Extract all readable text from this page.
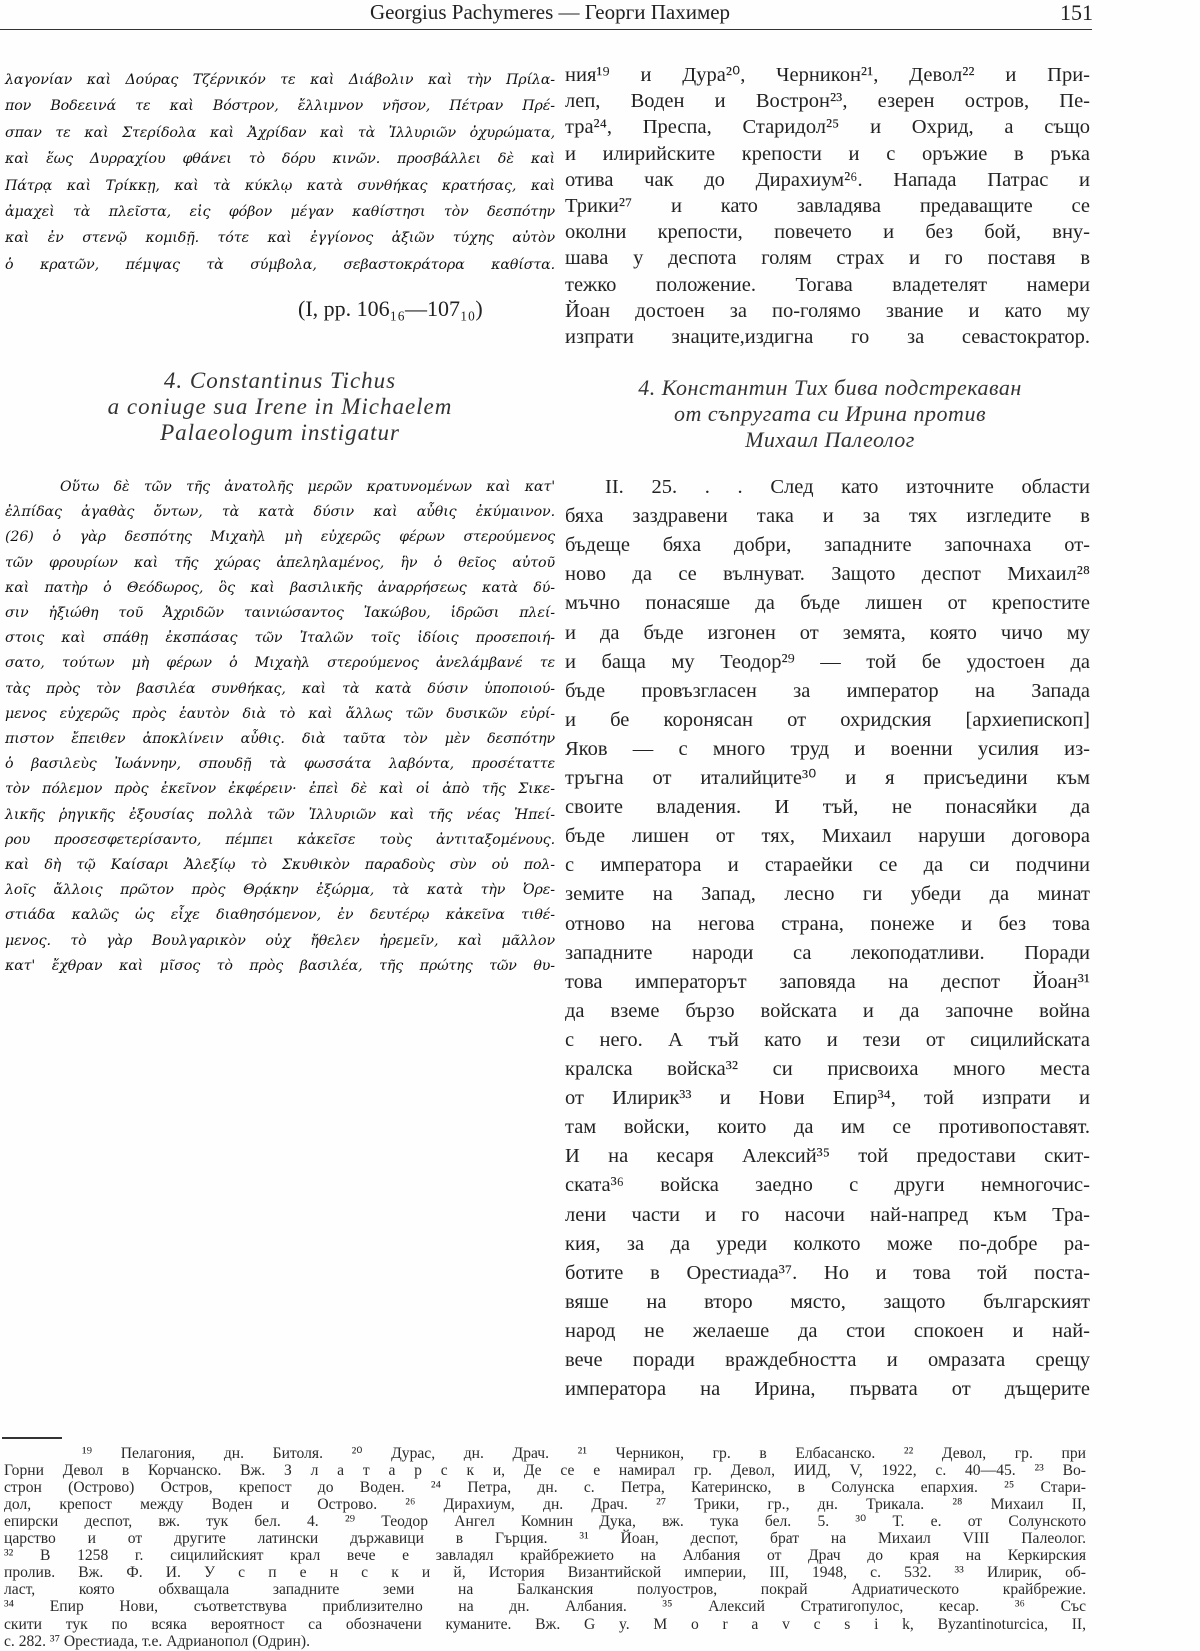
Georgius Pachymeres — Георги Пахимер	151
(I, pp. 106₁₆—107₁₀)
4. Constantinus Tichus
a coniuge sua Irene in Michaelem
Palaeologum instigatur
4. Константин Тих бива подстрекаван
от съпругата си Ирина против
Михаил Палеолог
λαγονίαν καὶ Δούρας Τζέρνικόν τε καὶ Διάβολιν καὶ τὴν Πρίλα-
πον Βοδεεινά τε καὶ Βόστρον, ἔλλιμνον νῆσον, Πέτραν Πρέ-
σπαν τε καὶ Στερίδολα καὶ Ἀχρίδαν καὶ τὰ Ἰλλυριῶν ὀχυρώματα,
καὶ ἕως Δυρραχίου φθάνει τὸ δόρυ κινῶν. προσβάλλει δὲ καὶ
Πάτρᾳ καὶ Τρίκκῃ, καὶ τὰ κύκλῳ κατὰ συνθήκας κρατήσας, καὶ
ἀμαχεὶ τὰ πλεῖστα, εἰς φόβον μέγαν καθίστησι τὸν δεσπότην
καὶ ἐν στενῷ κομιδῇ. τότε καὶ ἐγγίονος ἀξιῶν τύχης αὐτὸν
ὁ κρατῶν, πέμψας τὰ σύμβολα, σεβαστοκράτορα καθίστα.
Οὕτω δὲ τῶν τῆς ἀνατολῆς μερῶν κρατυνομένων καὶ κατ'
ἐλπίδας ἀγαθὰς ὄντων, τὰ κατὰ δύσιν καὶ αὖθις ἐκύμαινον.
(26) ὁ γὰρ δεσπότης Μιχαὴλ μὴ εὐχερῶς φέρων στερούμενος
τῶν φρουρίων καὶ τῆς χώρας ἀπεληλαμένος, ἣν ὁ θεῖος αὐτοῦ
καὶ πατὴρ ὁ Θεόδωρος, ὃς καὶ βασιλικῆς ἀναρρήσεως κατὰ δύ-
σιν ἠξιώθη τοῦ Ἀχριδῶν ταινιώσαντος Ἰακώβου, ἱδρῶσι πλεί-
στοις καὶ σπάθῃ ἐκσπάσας τῶν Ἰταλῶν τοῖς ἰδίοις προσεποιή-
σατο, τούτων μὴ φέρων ὁ Μιχαὴλ στερούμενος ἀνελάμβανέ τε
τὰς πρὸς τὸν βασιλέα συνθήκας, καὶ τὰ κατὰ δύσιν ὑποποιού-
μενος εὐχερῶς πρὸς ἑαυτὸν διὰ τὸ καὶ ἄλλως τῶν δυσικῶν εὐρί-
πιστον ἔπειθεν ἀποκλίνειν αὖθις. διὰ ταῦτα τὸν μὲν δεσπότην
ὁ βασιλεὺς Ἰωάννην, σπουδῇ τὰ φωσσάτα λαβόντα, προσέταττε
τὸν πόλεμον πρὸς ἐκεῖνον ἐκφέρειν· ἐπεὶ δὲ καὶ οἱ ἀπὸ τῆς Σικε-
λικῆς ῥηγικῆς ἐξουσίας πολλὰ τῶν Ἰλλυριῶν καὶ τῆς νέας Ἠπεί-
ρου προσεσφετερίσαντο, πέμπει κἀκεῖσε τοὺς ἀντιταξομένους.
καὶ δὴ τῷ Καίσαρι Ἀλεξίῳ τὸ Σκυθικὸν παραδοὺς σὺν οὐ πολ-
λοῖς ἄλλοις πρῶτον πρὸς Θρᾴκην ἐξώρμα, τὰ κατὰ τὴν Ὀρε-
στιάδα καλῶς ὡς εἶχε διαθησόμενον, ἐν δευτέρῳ κἀκεῖνα τιθέ-
μενος. τὸ γὰρ Βουλγαρικὸν οὐχ ἤθελεν ἠρεμεῖν, καὶ μᾶλλον
κατ' ἔχθραν καὶ μῖσος τὸ πρὸς βασιλέα, τῆς πρώτης τῶν θυ-
ния¹⁹ и Дура²⁰, Черникон²¹, Девол²² и При-
леп, Воден и Вострон²³, езерен остров, Пе-
тра²⁴, Преспа, Старидол²⁵ и Охрид, а също
и илирийските крепости и с оръжие в ръка
отива чак до Дирахиум²⁶. Напада Патрас и
Трики²⁷ и като завладява предаващите се
околни крепости, повечето и без бой, вну-
шава у деспота голям страх и го поставя в
тежко положение. Тогава владетелят намери
Йоан достоен за по-голямо звание и като му
изпрати знаците,издигна го за севастократор.
II. 25. . . След като източните области
бяха заздравени така и за тях изгледите в
бъдеще бяха добри, западните започнаха от-
ново да се вълнуват. Защото деспот Михаил²⁸
мъчно понасяше да бъде лишен от крепостите
и да бъде изгонен от земята, която чичо му
и баща му Теодор²⁹ — той бе удостоен да
бъде провъзгласен за император на Запада
и бе коронясан от охридския [архиепископ]
Яков — с много труд и военни усилия из-
тръгна от италийците³⁰ и я присъедини към
своите владения. И тъй, не понасяйки да
бъде лишен от тях, Михаил наруши договора
с императора и стараейки се да си подчини
земите на Запад, лесно ги убеди да минат
отново на негова страна, понеже и без това
западните народи са лекоподатливи. Поради
това императорът заповяда на деспот Йоан³¹
да вземе бързо войската и да започне война
с него. А тъй като и тези от сицилийската
кралска войска³² си присвоиха много места
от Илирик³³ и Нови Епир³⁴, той изпрати и
там войски, които да им се противопоставят.
И на кесаря Алексий³⁵ той предостави скит-
ската³⁶ войска заедно с други немногочис-
лени части и го насочи най-напред към Тра-
кия, за да уреди колкото може по-добре ра-
ботите в Орестиада³⁷. Но и това той поста-
вяше на второ място, защото българският
народ не желаеше да стои спокоен и най-
вече поради враждебността и омразата срещу
императора на Ирина, първата от дъщерите
¹⁹ Пелагония, дн. Битоля. ²⁰ Дурас, дн. Драч. ²¹ Черникон, гр. в Елбасанско. ²² Девол, гр. при
Горни Девол в Корчанско. Вж. З л а т а р с к и, Де се е намирал гр. Девол, ИИД, V, 1922, с. 40—45. ²³ Во-
строн (Острово) Остров, крепост до Воден. ²⁴ Петра, дн. с. Петра, Катеринско, в Солунска епархия. ²⁵ Стари-
дол, крепост между Воден и Острово. ²⁶ Дирахиум, дн. Драч. ²⁷ Трики, гр., дн. Трикала. ²⁸ Михаил II,
епирски деспот, вж. тук бел. 4. ²⁹ Теодор Ангел Комнин Дука, вж. тука бел. 5. ³⁰ Т. е. от Солунското
царство и от другите латински държавици в Гърция. ³¹ Йоан, деспот, брат на Михаил VIII Палеолог.
³² В 1258 г. сицилийският крал вече е завладял крайбрежието на Албания от Драч до края на Керкирския
пролив. Вж. Ф. И. У с п е н с к и й, История Византийской империи, III, 1948, с. 532. ³³ Илирик, об-
ласт, която обхващала западните земи на Балканския полуостров, покрай Адриатическото крайбрежие.
³⁴ Епир Нови, съответствува приблизително на дн. Албания. ³⁵ Алексий Стратигопулос, кесар. ³⁶ Със
скити тук по всяка вероятност са обозначени куманите. Вж. G y. M o r a v c s i k, Byzantinoturcica, II,
с. 282. ³⁷ Орестиада, т.е. Адрианопол (Одрин).
